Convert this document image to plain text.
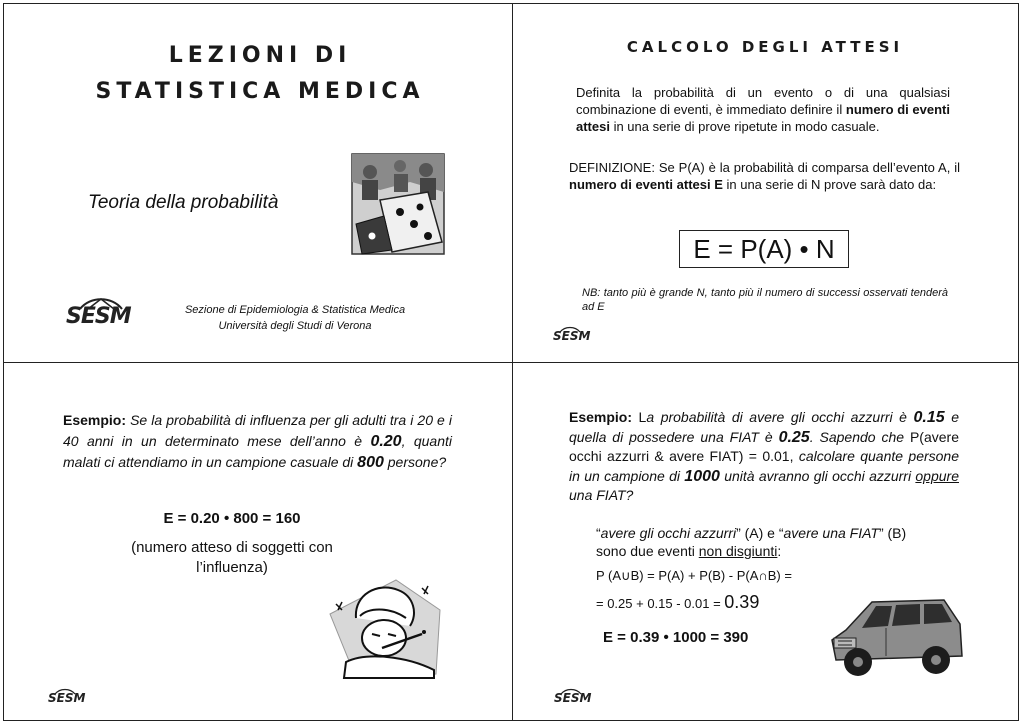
LEZIONI DI
STATISTICA MEDICA
Teoria della probabilità
Sezione di Epidemiologia & Statistica Medica
Università degli Studi di Verona
SESM
CALCOLO DEGLI ATTESI
Definita la probabilità di un evento o di una qualsiasi combinazione di eventi, è immediato definire il numero di eventi attesi in una serie di prove ripetute in modo casuale.
DEFINIZIONE: Se P(A) è la probabilità di comparsa dell’evento A, il numero di eventi attesi E in una serie di N prove sarà dato da:
E = P(A) • N
NB: tanto più è grande N, tanto più il numero di successi osservati tenderà ad E
SESM
Esempio: Se la probabilità di influenza per gli adulti tra i 20 e i 40 anni in un determinato mese dell’anno è 0.20, quanti malati ci attendiamo in un campione casuale di 800 persone?
E = 0.20 • 800 = 160
(numero atteso di soggetti con l’influenza)
SESM
Esempio: La probabilità di avere gli occhi azzurri è 0.15 e quella di possedere una FIAT è 0.25. Sapendo che P(avere occhi azzurri & avere FIAT) = 0.01, calcolare quante persone in un campione di 1000 unità avranno gli occhi azzurri oppure una FIAT?
“avere gli occhi azzurri” (A) e “avere una FIAT” (B)
sono due eventi non disgiunti:
P (A∪B) = P(A) + P(B) - P(A∩B) =
= 0.25 + 0.15 - 0.01 = 0.39
E = 0.39 • 1000 = 390
SESM
